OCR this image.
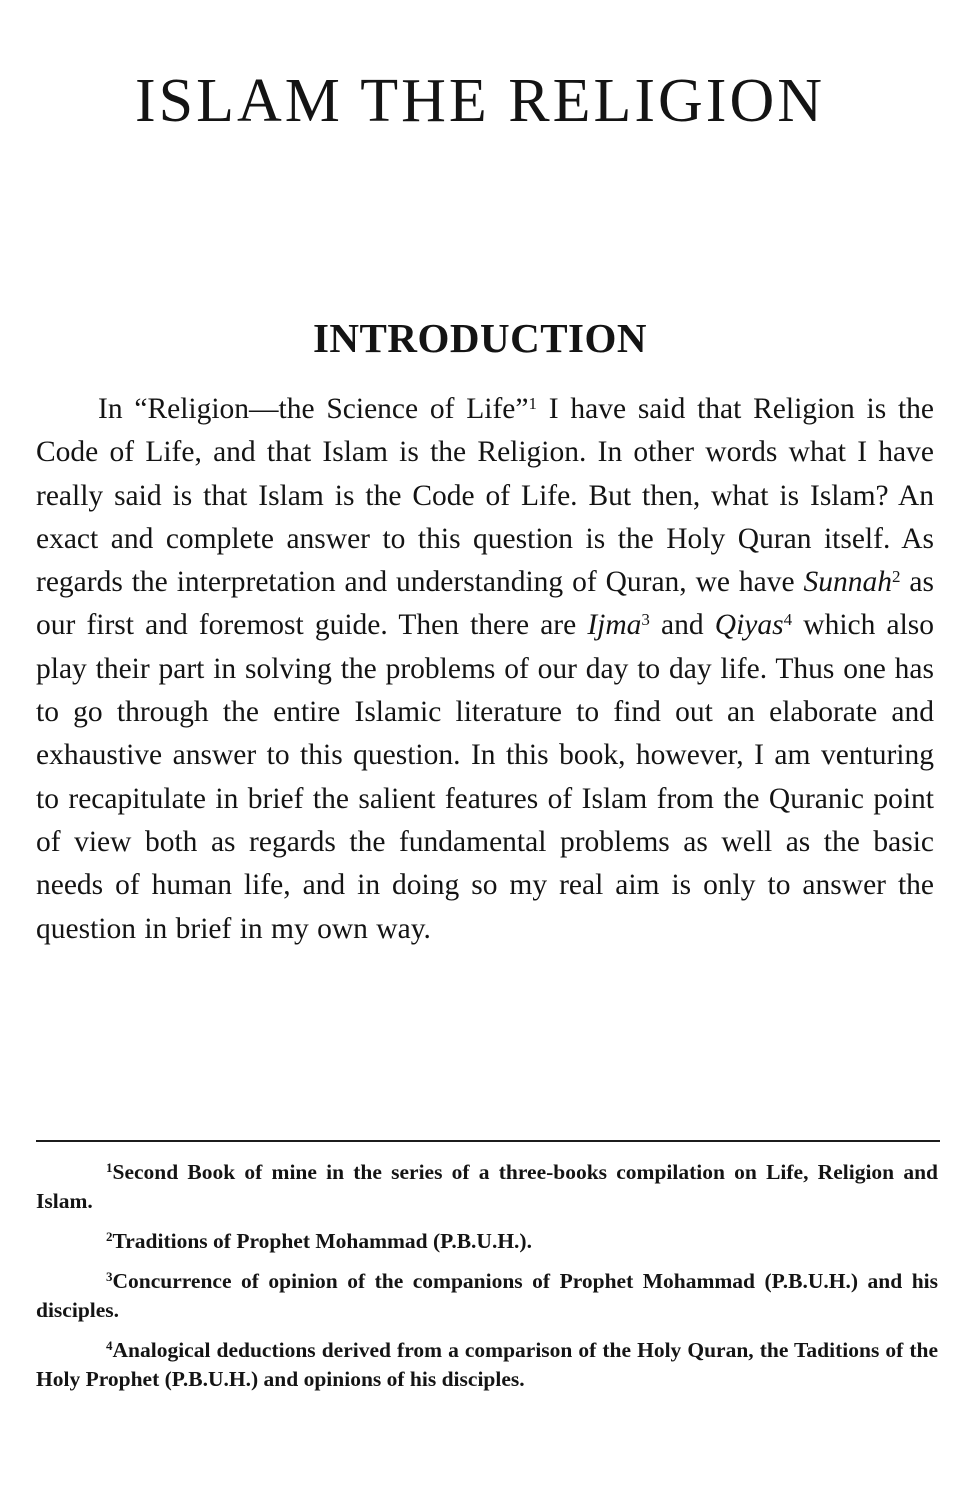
ISLAM THE RELIGION
INTRODUCTION

In “Religion—the Science of Life”$^1$ I have said that Religion is the Code of Life, and that Islam is the Religion. In other words what I have really said is that Islam is the Code of Life. But then, what is Islam? An exact and complete answer to this question is the Holy Quran itself. As regards the interpretation and understanding of Quran, we have Sunnah$^2$ as our first and foremost guide. Then there are Ijma$^3$ and Qiyas$^4$ which also play their part in solving the problems of our day to day life. Thus one has to go through the entire Islamic literature to find out an elaborate and exhaustive answer to this question. In this book, however, I am venturing to recapitulate in brief the salient features of Islam from the Quranic point of view both as regards the fundamental problems as well as the basic needs of human life, and in doing so my real aim is only to answer the question in brief in my own way.

$^1$Second Book of mine in the series of a three-books compilation on Life, Religion and Islam.

$^2$Traditions of Prophet Mohammad (P.B.U.H.).

$^3$Concurrence of opinion of the companions of Prophet Mohammad (P.B.U.H.) and his disciples.

$^4$Analogical deductions derived from a comparison of the Holy Quran, the Taditions of the Holy Prophet (P.B.U.H.) and opinions of his disciples.
